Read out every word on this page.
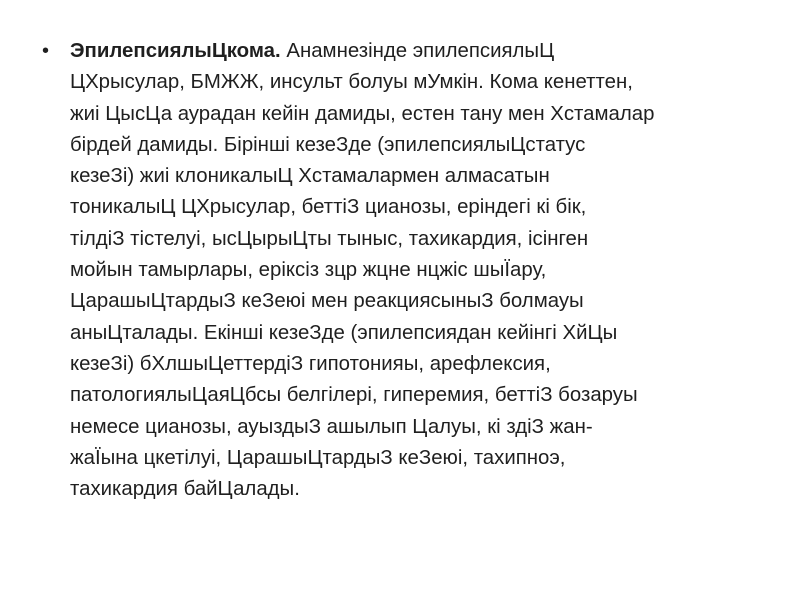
• ЭпилепсиялыЦкома. Анамнезінде эпилепсиялыЦ
ЦХрысулар, БМЖЖ, инсульт болуы мУмкін. Кома кенеттен,
жиі ЦысЦа аурадан кейін дамиды, естен тану мен Хстамалар
бірдей дамиды. Бірінші кезеЗде (эпилепсиялыЦстатус
кезеЗі) жиі клоникалыЦ Хстамалармен алмасатын
тоникалыЦ ЦХрысулар, беттіЗ цианозы, еріндегі кі бік,
тілдіЗ тістелуі, ысЦырыЦты тыныс, тахикардия, ісінген
мойын тамырлары, еріксіз зцр жцне нцжіс шыЇару,
ЦарашыЦтардыЗ кеЗеюі мен реакциясыныЗ болмауы
аныЦталады. Екінші кезеЗде (эпилепсиядан кейінгі ХйЦы
кезеЗі) бХлшыЦеттердіЗ гипотонияы, арефлексия,
патологиялыЦаяЦбсы белгілері, гиперемия, беттіЗ бозаруы
немесе цианозы, ауыздыЗ ашылып Цалуы, кі здіЗ жан-
жаЇына цкетілуі, ЦарашыЦтардыЗ кеЗеюі, тахипноэ,
тахикардия байЦалады.
